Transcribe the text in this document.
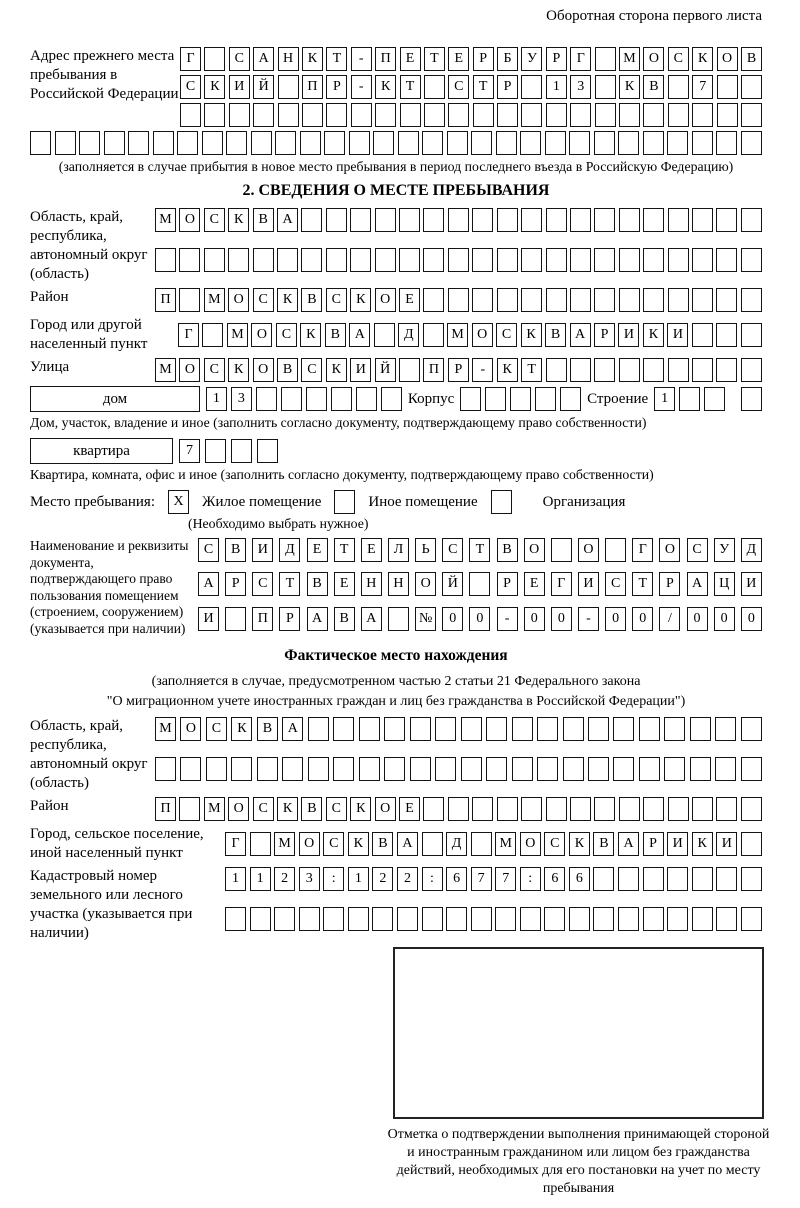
Оборотная сторона первого листа
Адрес прежнего места пребывания в Российской Федерации
Г	С	А	Н	К	Т	-	П	Е	Т	Е	Р	Б	У	Р	Г	М О	С	К	О	В
С	К	И	Й	П	Р	-	К	Т	С	Т	Р	1	3	К	В	7
(заполняется в случае прибытия в новое место пребывания в период последнего въезда в Российскую Федерацию)
2. СВЕДЕНИЯ О МЕСТЕ ПРЕБЫВАНИЯ
Область, край, республика, автономный округ (область)
М О	С	К	В	А
Район	П	М О	С	К	В	С	К	О	Е
Город или другой населенный пункт
Г	М О	С	К	В	А	Д	М О	С	К	В	А	Р	И	К	И
Улица	М О	С	К	О	В	С	К	И	Й	П	Р	-	К	Т
дом	1	3	Корпус	Строение 1
Дом, участок, владение и иное (заполнить согласно документу, подтверждающему право собственности)
квартира	7
Квартира, комната, офис и иное (заполнить согласно документу, подтверждающему право собственности)
Место пребывания:	X	Жилое помещение	Иное помещение	Организация
(Необходимо выбрать нужное)
Наименование и реквизиты документа, подтверждающего право пользования помещением (строением, сооружением) (указывается при наличии)
С	В	И	Д	Е	Т	Е	Л	Ь	С	Т	В	О	О	Г	О	С	У	Д
А	Р	С	Т	В	Е	Н	Н	О	Й	Р	Е	Г	И	С	Т	Р	А	Ц	И
И	П	Р	А	В	А	№	0	0	-	0	0	-	0	0	/	0	0	0
Фактическое место нахождения
(заполняется в случае, предусмотренном частью 2 статьи 21 Федерального закона
"О миграционном учете иностранных граждан и лиц без гражданства в Российской Федерации")
Область, край, республика, автономный округ (область)
М	О	С	К	В	А
Район	П	М О	С	К	В	С	К	О	Е
Город, сельское поселение, иной населенный пункт
Г	М О	С	К	В	А	Д	М О	С	К	В	А	Р	И	К	И
Кадастровый номер земельного или лесного участка (указывается при наличии)
1	1	2	3	:	1	2	2	:	6	7	7	:	6	6
Отметка о подтверждении выполнения принимающей стороной и иностранным гражданином или лицом без гражданства действий, необходимых для его постановки на учет по месту пребывания
